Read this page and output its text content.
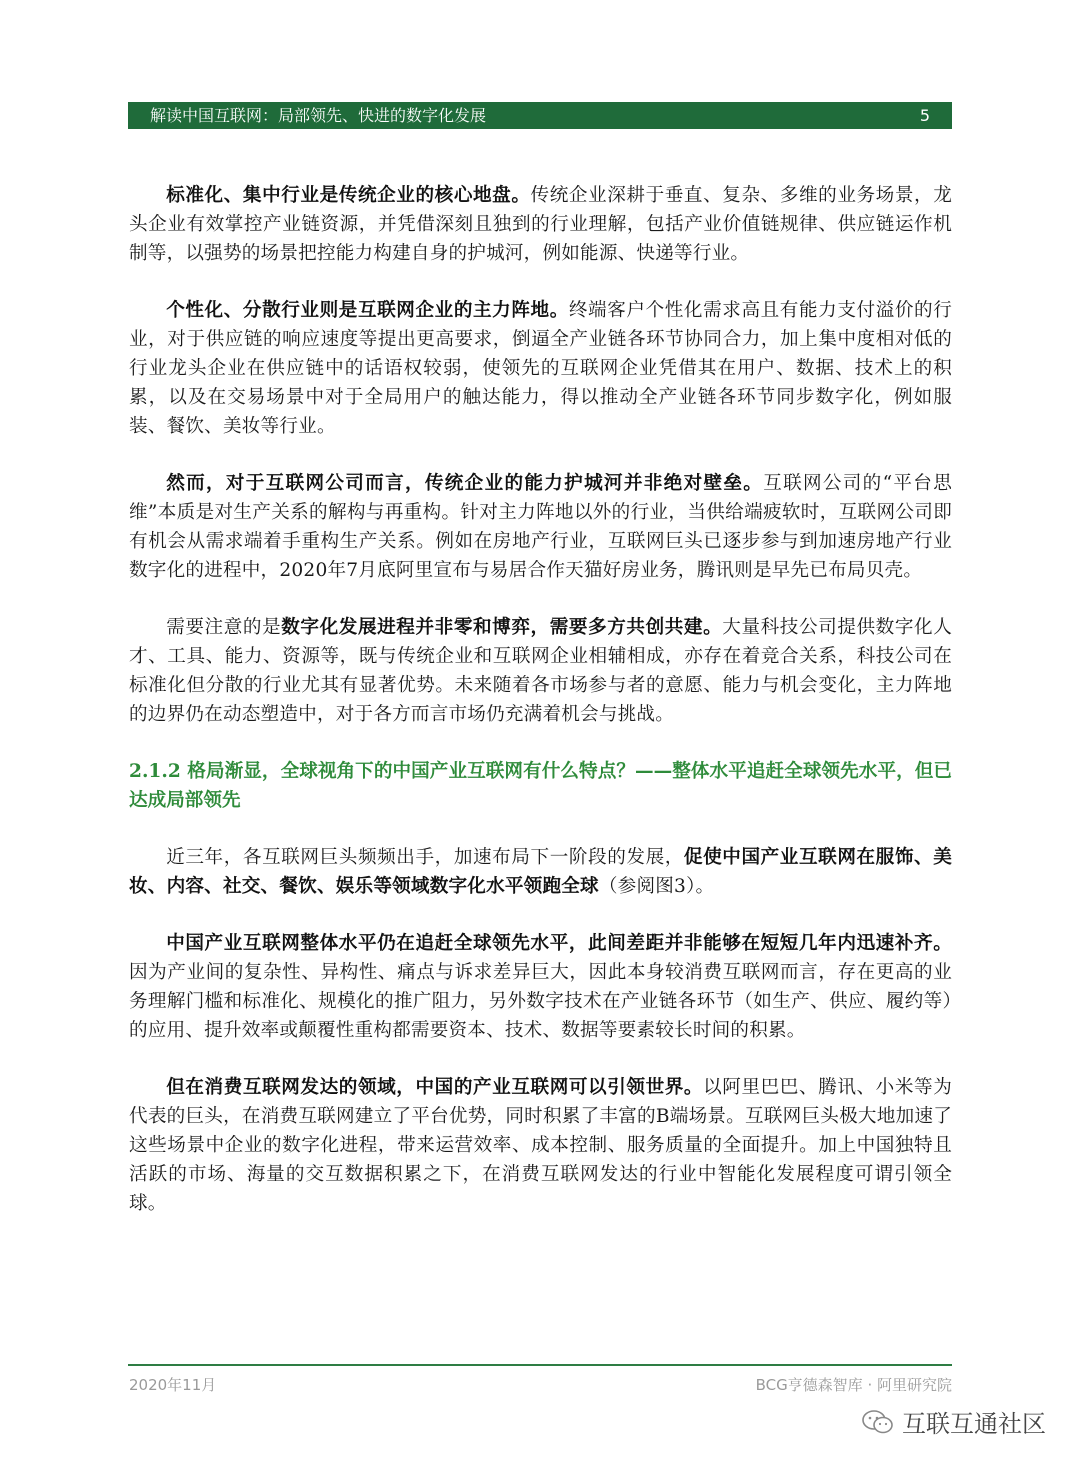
解读中国互联网：局部领先、快进的数字化发展	5

标准化、集中行业是传统企业的核心地盘。传统企业深耕于垂直、复杂、多维的业务场景，龙头企业有效掌控产业链资源，并凭借深刻且独到的行业理解，包括产业价值链规律、供应链运作机制等，以强势的场景把控能力构建自身的护城河，例如能源、快递等行业。

个性化、分散行业则是互联网企业的主力阵地。终端客户个性化需求高且有能力支付溢价的行业，对于供应链的响应速度等提出更高要求，倒逼全产业链各环节协同合力，加上集中度相对低的行业龙头企业在供应链中的话语权较弱，使领先的互联网企业凭借其在用户、数据、技术上的积累，以及在交易场景中对于全局用户的触达能力，得以推动全产业链各环节同步数字化，例如服装、餐饮、美妆等行业。

然而，对于互联网公司而言，传统企业的能力护城河并非绝对壁垒。互联网公司的“平台思维”本质是对生产关系的解构与再重构。针对主力阵地以外的行业，当供给端疲软时，互联网公司即有机会从需求端着手重构生产关系。例如在房地产行业，互联网巨头已逐步参与到加速房地产行业数字化的进程中，2020年7月底阿里宣布与易居合作天猫好房业务，腾讯则是早先已布局贝壳。

需要注意的是数字化发展进程并非零和博弈，需要多方共创共建。大量科技公司提供数字化人才、工具、能力、资源等，既与传统企业和互联网企业相辅相成，亦存在着竞合关系，科技公司在标准化但分散的行业尤其有显著优势。未来随着各市场参与者的意愿、能力与机会变化，主力阵地的边界仍在动态塑造中，对于各方而言市场仍充满着机会与挑战。

2.1.2 格局渐显，全球视角下的中国产业互联网有什么特点？——整体水平追赶全球领先水平，但已达成局部领先

近三年，各互联网巨头频频出手，加速布局下一阶段的发展，促使中国产业互联网在服饰、美妆、内容、社交、餐饮、娱乐等领域数字化水平领跑全球（参阅图3）。

中国产业互联网整体水平仍在追赶全球领先水平，此间差距并非能够在短短几年内迅速补齐。因为产业间的复杂性、异构性、痛点与诉求差异巨大，因此本身较消费互联网而言，存在更高的业务理解门槛和标准化、规模化的推广阻力，另外数字技术在产业链各环节（如生产、供应、履约等）的应用、提升效率或颠覆性重构都需要资本、技术、数据等要素较长时间的积累。

但在消费互联网发达的领域，中国的产业互联网可以引领世界。以阿里巴巴、腾讯、小米等为代表的巨头，在消费互联网建立了平台优势，同时积累了丰富的B端场景。互联网巨头极大地加速了这些场景中企业的数字化进程，带来运营效率、成本控制、服务质量的全面提升。加上中国独特且活跃的市场、海量的交互数据积累之下，在消费互联网发达的行业中智能化发展程度可谓引领全球。

2020年11月	BCG亨德森智库 · 阿里研究院
互联互通社区
